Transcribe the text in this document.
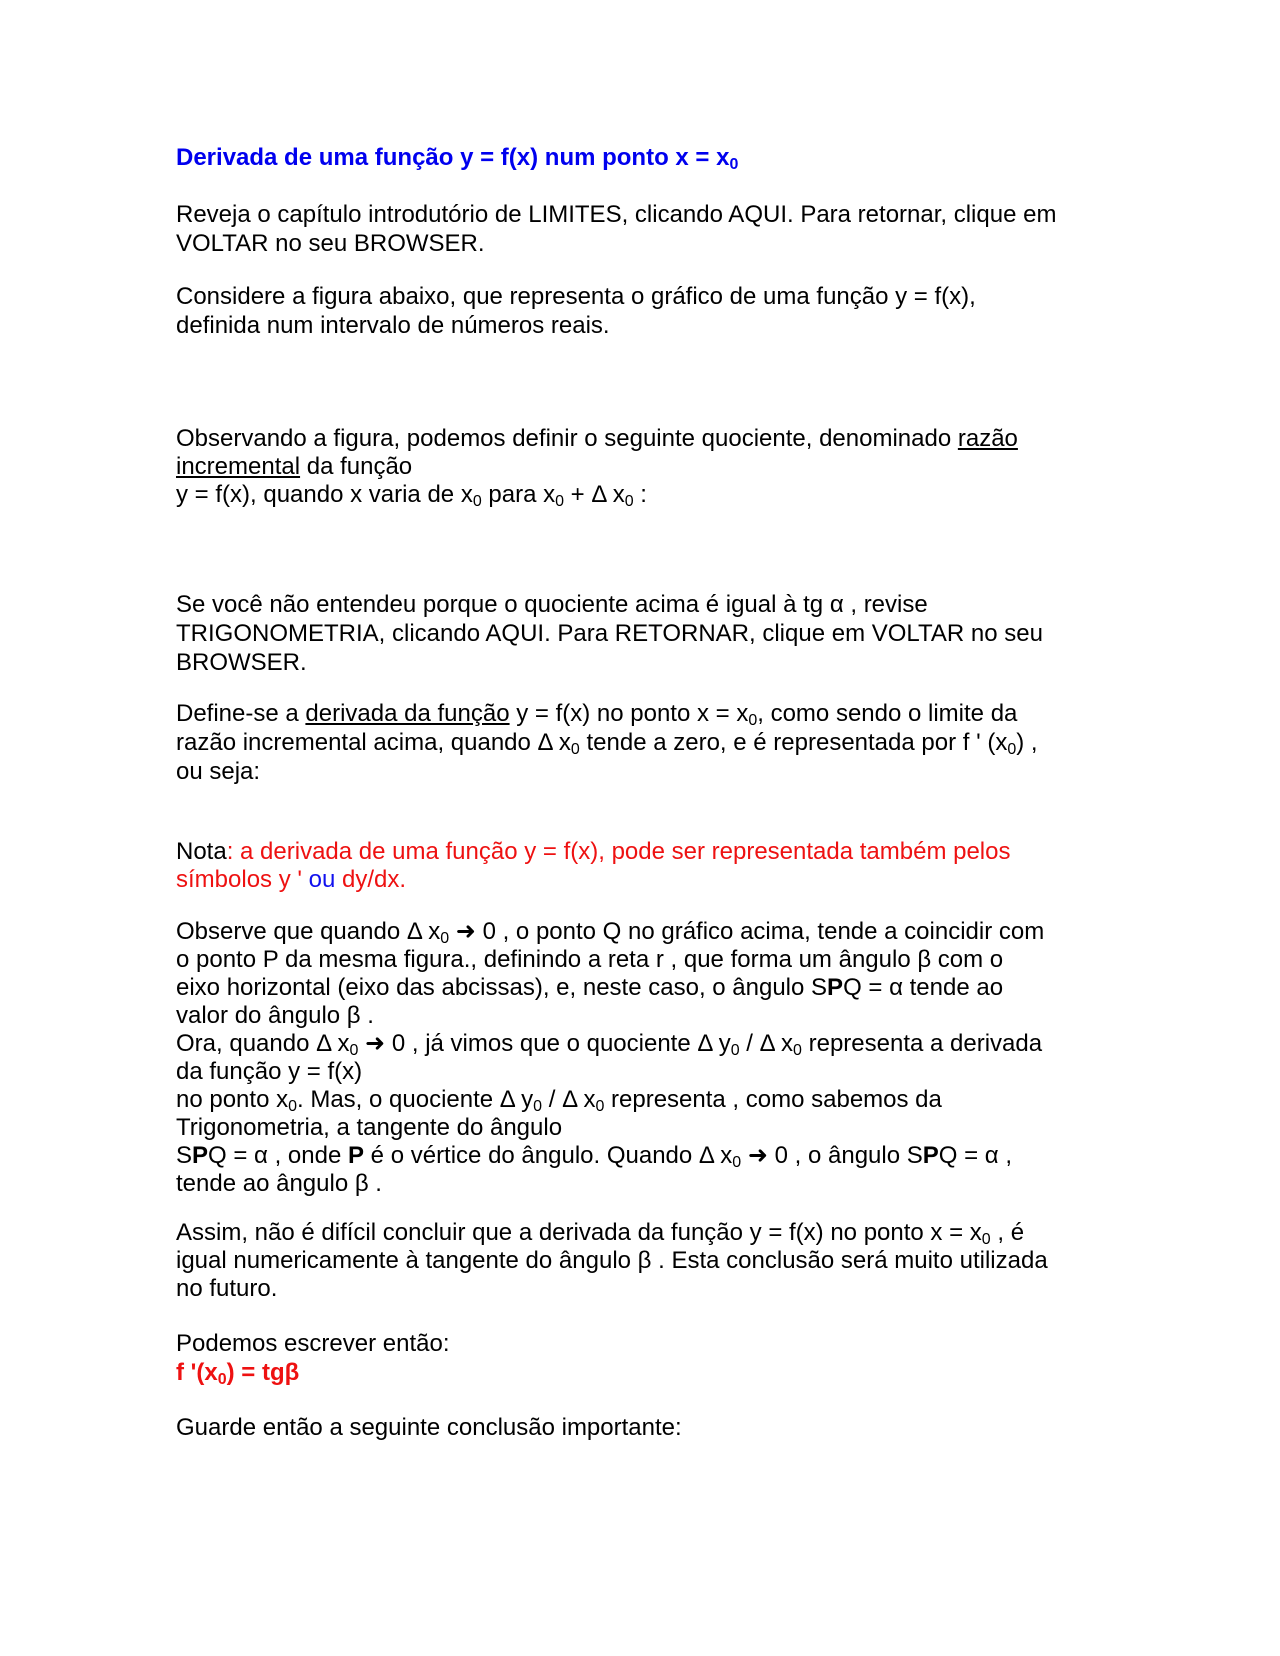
Derivada de uma função y = f(x) num ponto $x = x_0$

Reveja o capítulo introdutório de LIMITES, clicando AQUI. Para retornar, clique em
VOLTAR no seu BROWSER.

Considere a figura abaixo, que representa o gráfico de uma função y = f(x),
definida num intervalo de números reais.

Observando a figura, podemos definir o seguinte quociente, denominado razão
incremental da função
y = f(x), quando x varia de $x_0$ para $x_0 + \Delta$ $x_0$ :

Se você não entendeu porque o quociente acima é igual à tg α , revise
TRIGONOMETRIA, clicando AQUI. Para RETORNAR, clique em VOLTAR no seu
BROWSER.

Define-se a derivada da função y = f(x) no ponto $x = x_0$, como sendo o limite da
razão incremental acima, quando Δ $x_0$ tende a zero, e é representada por f ' $(x_0)$ ,
ou seja:

Nota: a derivada de uma função y = f(x), pode ser representada também pelos
símbolos y ' ou dy/dx.

Observe que quando Δ $x_0$ ➜ 0 , o ponto Q no gráfico acima, tende a coincidir com
o ponto P da mesma figura., definindo a reta r , que forma um ângulo β com o
eixo horizontal (eixo das abcissas), e, neste caso, o ângulo SPQ = α tende ao
valor do ângulo β .
Ora, quando Δ $x_0$ ➜ 0 , já vimos que o quociente Δ $y_0$ / Δ $x_0$ representa a derivada
da função y = f(x)
no ponto $x_0$. Mas, o quociente Δ $y_0$ / Δ $x_0$ representa , como sabemos da
Trigonometria, a tangente do ângulo
SPQ = α , onde P é o vértice do ângulo. Quando Δ $x_0$ ➜ 0 , o ângulo SPQ = α ,
tende ao ângulo β .

Assim, não é difícil concluir que a derivada da função y = f(x) no ponto $x = x_0$ , é
igual numericamente à tangente do ângulo β . Esta conclusão será muito utilizada
no futuro.

Podemos escrever então:
f '$(x_0) = tg\beta$

Guarde então a seguinte conclusão importante:
